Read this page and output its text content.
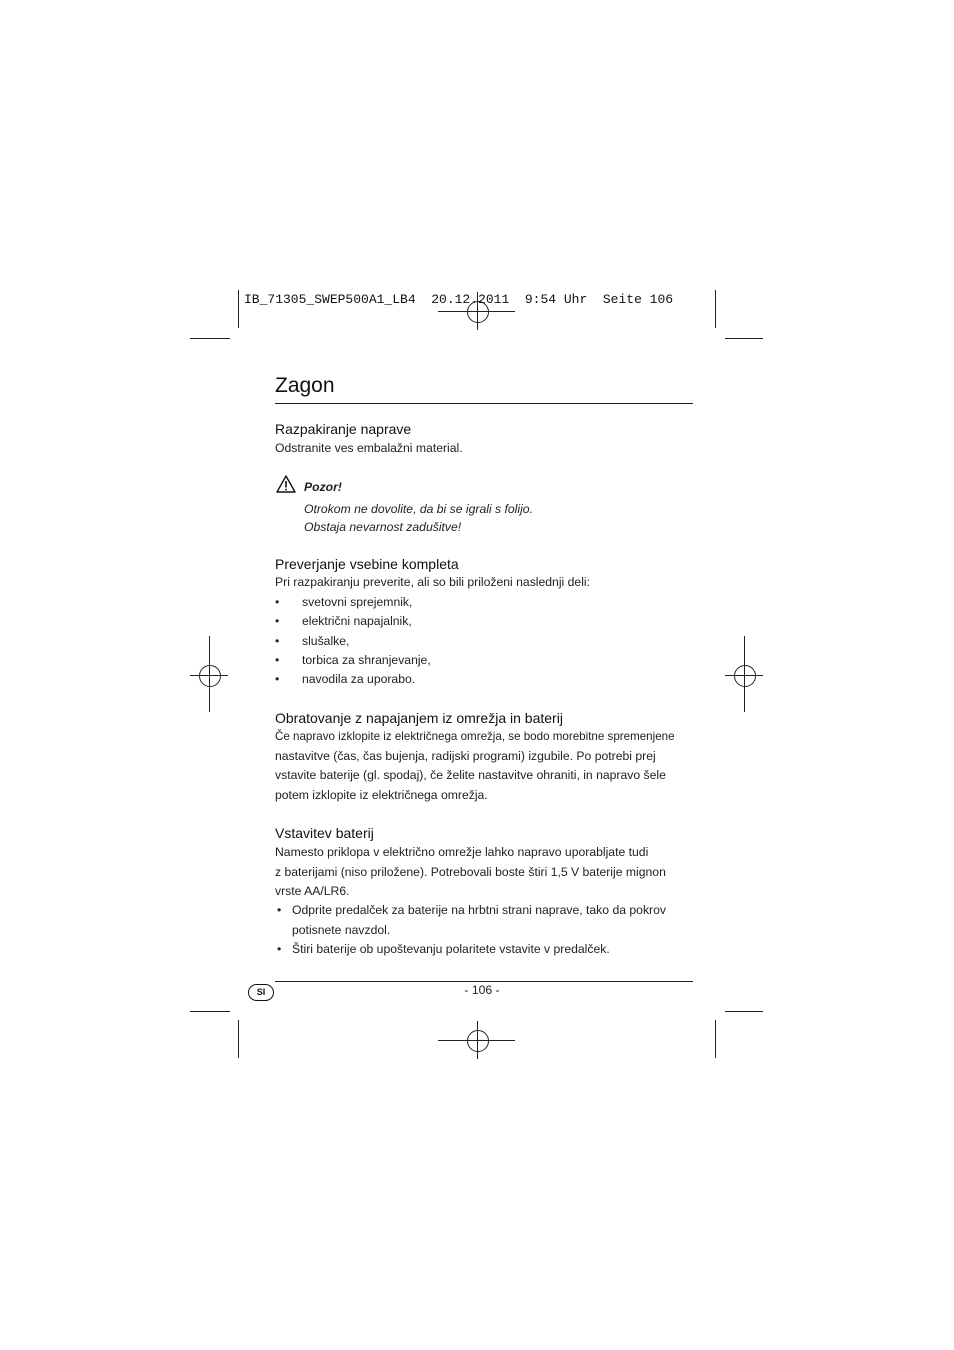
IB_71305_SWEP500A1_LB4  20.12.2011  9:54 Uhr  Seite 106
Zagon
Razpakiranje naprave
Odstranite ves embalažni material.
Pozor!
Otrokom ne dovolite, da bi se igrali s folijo.
Obstaja nevarnost zadušitve!
Preverjanje vsebine kompleta
Pri razpakiranju preverite, ali so bili priloženi naslednji deli:
• svetovni sprejemnik,
• električni napajalnik,
• slušalke,
• torbica za shranjevanje,
• navodila za uporabo.
Obratovanje z napajanjem iz omrežja in baterij
Če napravo izklopite iz električnega omrežja, se bodo morebitne spremenjene
nastavitve (čas, čas bujenja, radijski programi) izgubile. Po potrebi prej
vstavite baterije (gl. spodaj), če želite nastavitve ohraniti, in napravo šele
potem izklopite iz električnega omrežja.
Vstavitev baterij
Namesto priklopa v električno omrežje lahko napravo uporabljate tudi
z baterijami (niso priložene). Potrebovali boste štiri 1,5 V baterije mignon
vrste AA/LR6.
• Odprite predalček za baterije na hrbtni strani naprave, tako da pokrov potisnete navzdol.
• Štiri baterije ob upoštevanju polaritete vstavite v predalček.
SI	- 106 -
